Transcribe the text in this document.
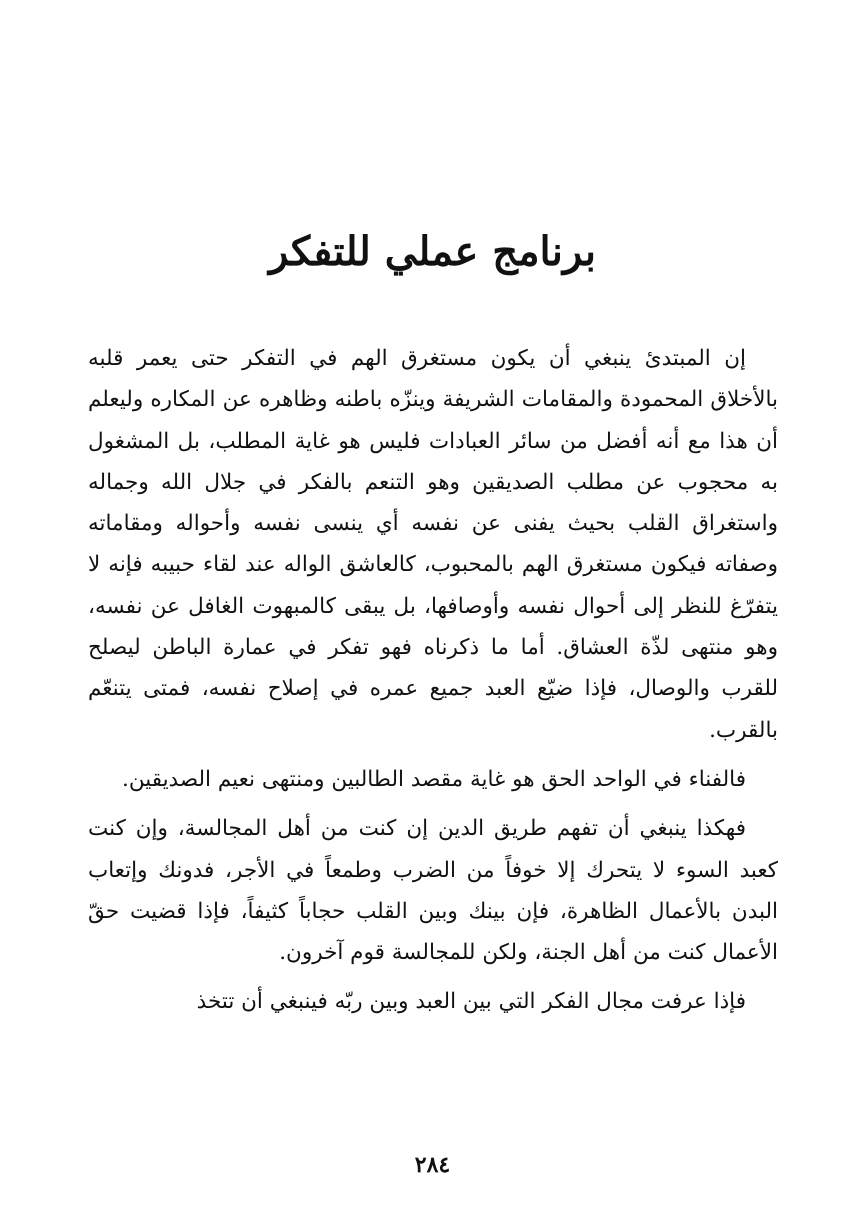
برنامج عملي للتفكر

إن المبتدئ ينبغي أن يكون مستغرق الهم في التفكر حتى يعمر قلبه بالأخلاق المحمودة والمقامات الشريفة وينزّه باطنه وظاهره عن المكاره وليعلم أن هذا مع أنه أفضل من سائر العبادات فليس هو غاية المطلب، بل المشغول به محجوب عن مطلب الصديقين وهو التنعم بالفكر في جلال الله وجماله واستغراق القلب بحيث يفنى عن نفسه أي ينسى نفسه وأحواله ومقاماته وصفاته فيكون مستغرق الهم بالمحبوب، كالعاشق الواله عند لقاء حبيبه فإنه لا يتفرّغ للنظر إلى أحوال نفسه وأوصافها، بل يبقى كالمبهوت الغافل عن نفسه، وهو منتهى لذّة العشاق. أما ما ذكرناه فهو تفكر في عمارة الباطن ليصلح للقرب والوصال، فإذا ضيّع العبد جميع عمره في إصلاح نفسه، فمتى يتنعّم بالقرب.

فالفناء في الواحد الحق هو غاية مقصد الطالبين ومنتهى نعيم الصديقين.

فهكذا ينبغي أن تفهم طريق الدين إن كنت من أهل المجالسة، وإن كنت كعبد السوء لا يتحرك إلا خوفاً من الضرب وطمعاً في الأجر، فدونك وإتعاب البدن بالأعمال الظاهرة، فإن بينك وبين القلب حجاباً كثيفاً، فإذا قضيت حقّ الأعمال كنت من أهل الجنة، ولكن للمجالسة قوم آخرون.

فإذا عرفت مجال الفكر التي بين العبد وبين ربّه فينبغي أن تتخذ

٢٨٤
